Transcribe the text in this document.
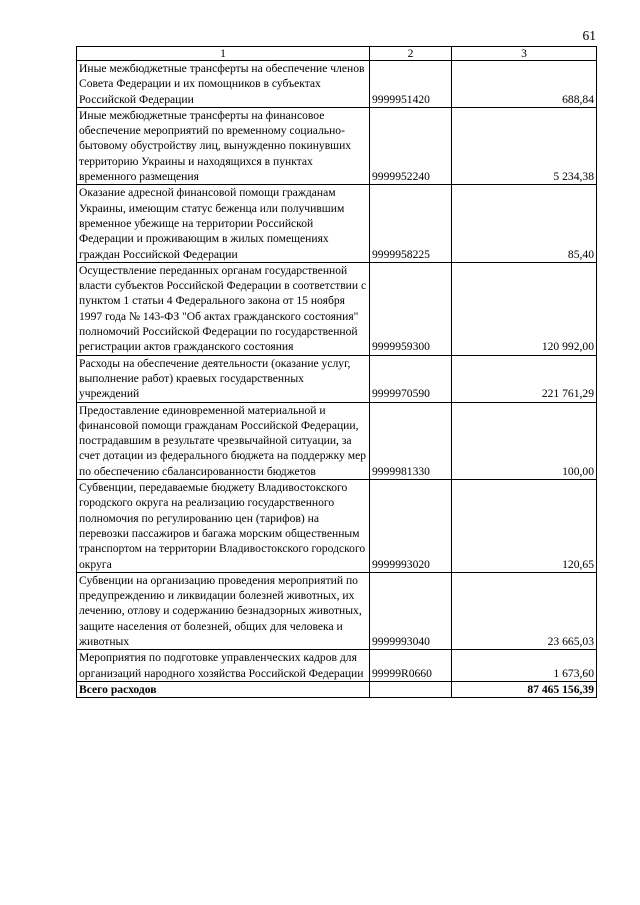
61
1	2	3
Иные межбюджетные трансферты на обеспечение членов Совета Федерации и их помощников в субъектах Российской Федерации	9999951420	688,84
Иные межбюджетные трансферты на финансовое обеспечение мероприятий по временному социально-бытовому обустройству лиц, вынужденно покинувших территорию Украины и находящихся в пунктах временного размещения	9999952240	5 234,38
Оказание адресной финансовой помощи гражданам Украины, имеющим статус беженца или получившим временное убежище на территории Российской Федерации и проживающим в жилых помещениях граждан Российской Федерации	9999958225	85,40
Осуществление переданных органам государственной власти субъектов Российской Федерации в соответствии с пунктом 1 статьи 4 Федерального закона от 15 ноября 1997 года № 143-ФЗ "Об актах гражданского состояния" полномочий Российской Федерации по государственной регистрации актов гражданского состояния	9999959300	120 992,00
Расходы на обеспечение деятельности (оказание услуг, выполнение работ) краевых государственных учреждений	9999970590	221 761,29
Предоставление единовременной материальной и финансовой помощи гражданам Российской Федерации, пострадавшим в результате чрезвычайной ситуации, за счет дотации из федерального бюджета на поддержку мер по обеспечению сбалансированности бюджетов	9999981330	100,00
Субвенции, передаваемые бюджету Владивостокского городского округа на реализацию государственного полномочия по регулированию цен (тарифов) на перевозки пассажиров и багажа морским общественным транспортом на территории Владивостокского городского округа	9999993020	120,65
Субвенции на организацию проведения мероприятий по предупреждению и ликвидации болезней животных, их лечению, отлову и содержанию безнадзорных животных, защите населения от болезней, общих для человека и животных	9999993040	23 665,03
Мероприятия по подготовке управленческих кадров для организаций народного хозяйства Российской Федерации	99999R0660	1 673,60
Всего расходов		87 465 156,39
